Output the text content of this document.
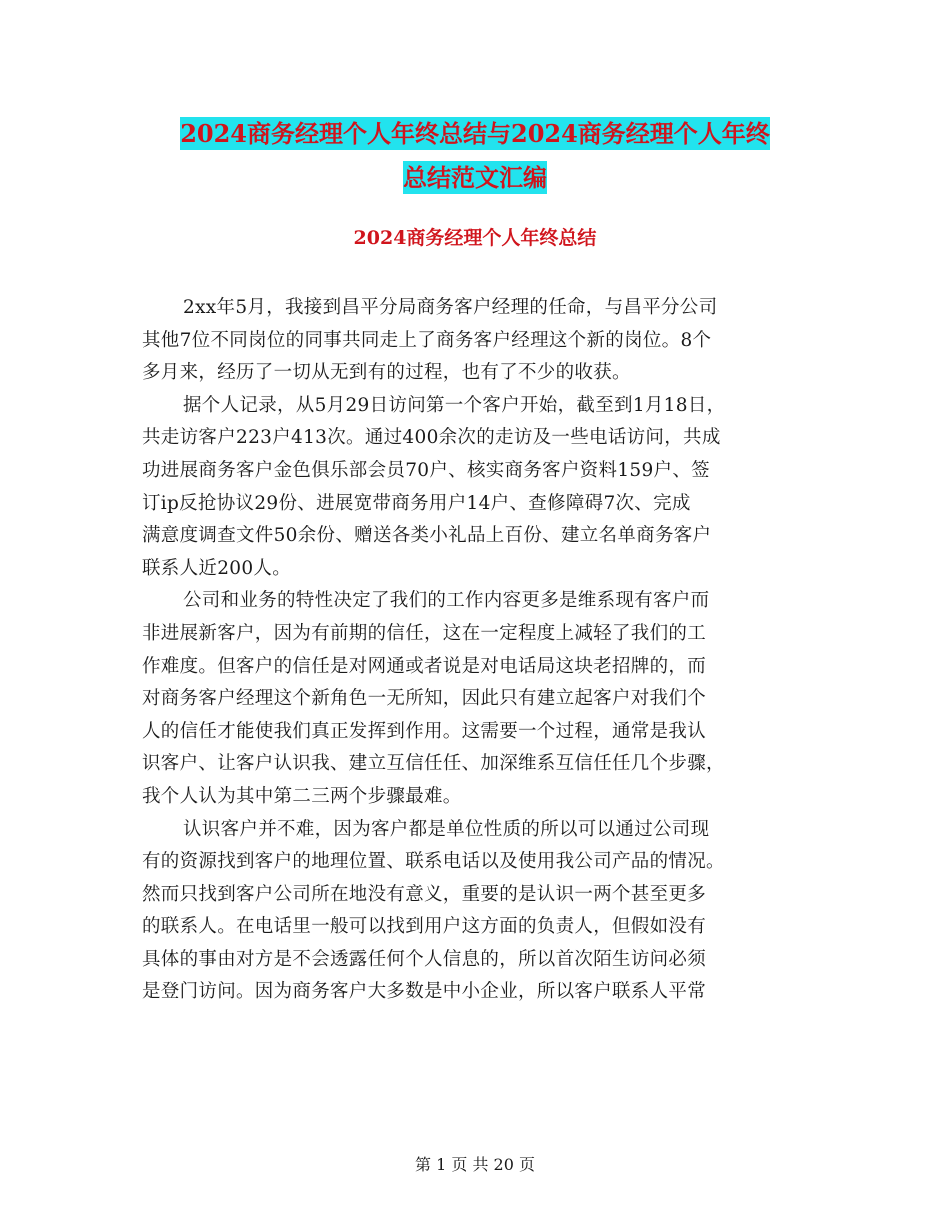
2024商务经理个人年终总结与2024商务经理个人年终
总结范文汇编
2024商务经理个人年终总结
2xx年5月，我接到昌平分局商务客户经理的任命，与昌平分公司
其他7位不同岗位的同事共同走上了商务客户经理这个新的岗位。8个
多月来，经历了一切从无到有的过程，也有了不少的收获。
据个人记录，从5月29日访问第一个客户开始，截至到1月18日，
共走访客户223户413次。通过400余次的走访及一些电话访问，共成
功进展商务客户金色俱乐部会员70户、核实商务客户资料159户、签
订ip反抢协议29份、进展宽带商务用户14户、查修障碍7次、完成
满意度调查文件50余份、赠送各类小礼品上百份、建立名单商务客户
联系人近200人。
公司和业务的特性决定了我们的工作内容更多是维系现有客户而
非进展新客户，因为有前期的信任，这在一定程度上减轻了我们的工
作难度。但客户的信任是对网通或者说是对电话局这块老招牌的，而
对商务客户经理这个新角色一无所知，因此只有建立起客户对我们个
人的信任才能使我们真正发挥到作用。这需要一个过程，通常是我认
识客户、让客户认识我、建立互信任任、加深维系互信任任几个步骤，
我个人认为其中第二三两个步骤最难。
认识客户并不难，因为客户都是单位性质的所以可以通过公司现
有的资源找到客户的地理位置、联系电话以及使用我公司产品的情况。
然而只找到客户公司所在地没有意义，重要的是认识一两个甚至更多
的联系人。在电话里一般可以找到用户这方面的负责人，但假如没有
具体的事由对方是不会透露任何个人信息的，所以首次陌生访问必须
是登门访问。因为商务客户大多数是中小企业，所以客户联系人平常
第 1 页 共 20 页
